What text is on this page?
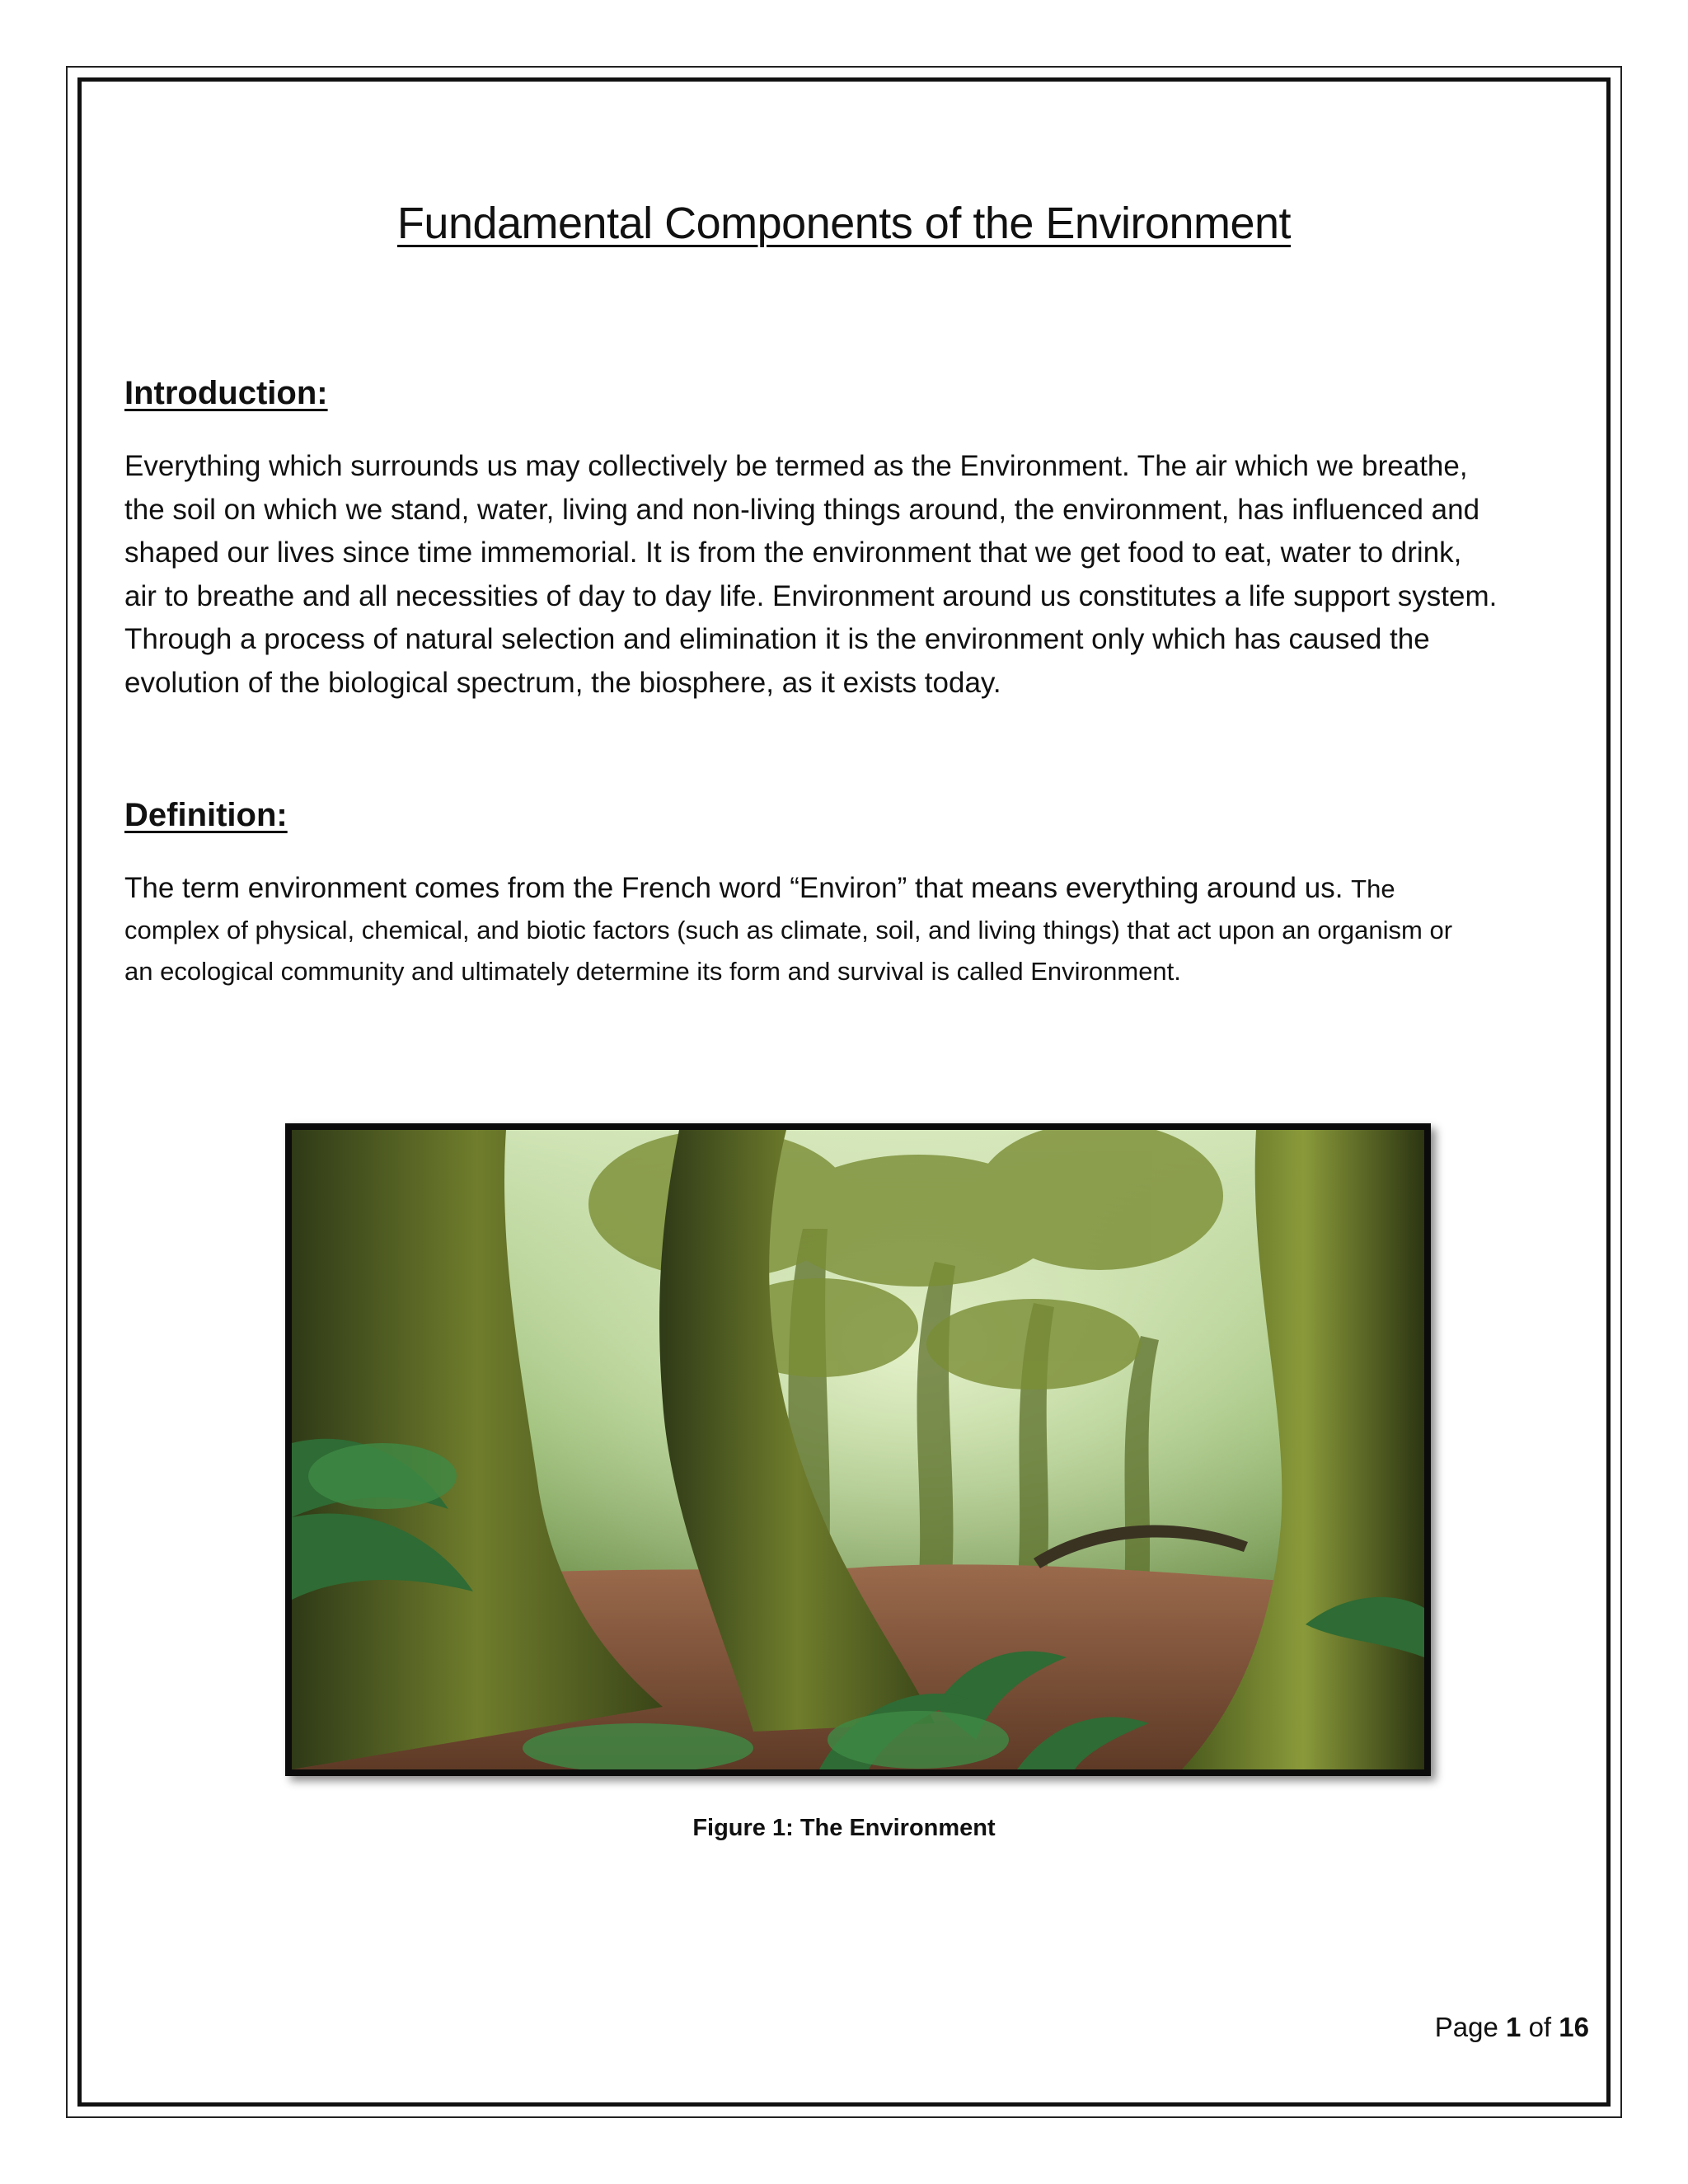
Fundamental Components of the Environment
Introduction:
Everything which surrounds us may collectively be termed as the Environment. The air which we breathe,
the soil on which we stand, water, living and non-living things around, the environment, has influenced and
shaped our lives since time immemorial. It is from the environment that we get food to eat, water to drink,
air to breathe and all necessities of day to day life. Environment around us constitutes a life support system.
Through a process of natural selection and elimination it is the environment only which has caused the
evolution of the biological spectrum, the biosphere, as it exists today.
Definition:
The term environment comes from the French word “Environ” that means everything around us. The
complex of physical, chemical, and biotic factors (such as climate, soil, and living things) that act upon an organism or
an ecological community and ultimately determine its form and survival is called Environment.
Figure 1: The Environment
Page 1 of 16
